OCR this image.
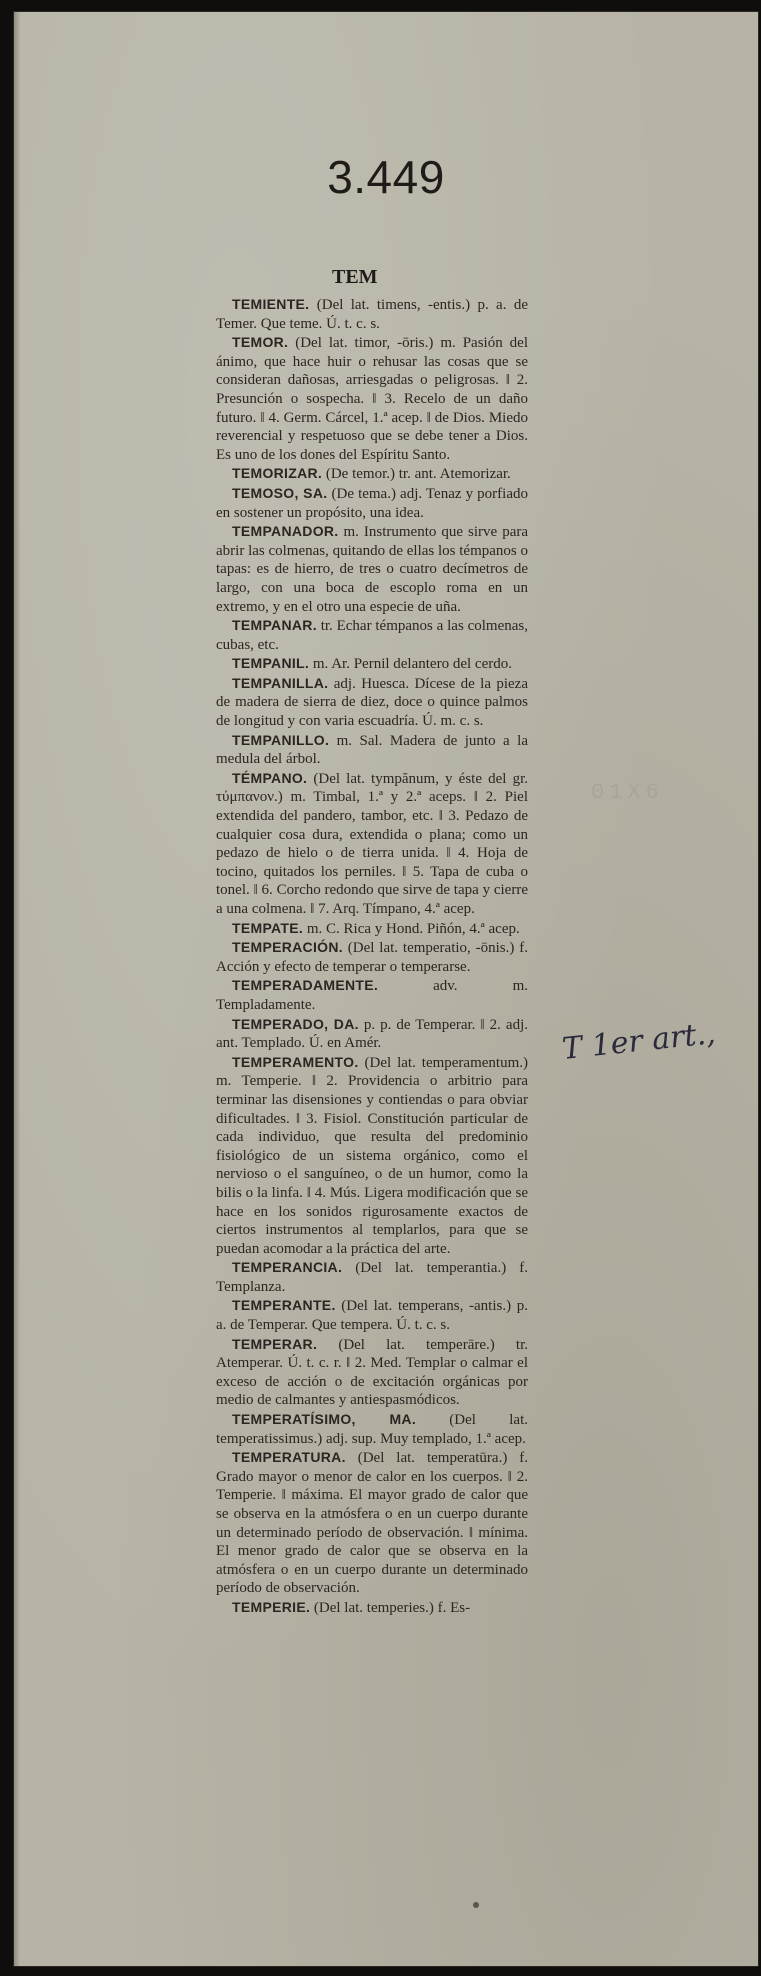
3.449
TEM
01X6

TEMIENTE. (Del lat. timens, -entis.) p. a. de Temer. Que teme. Ú. t. c. s.

TEMOR. (Del lat. timor, -ōris.) m. Pasión del ánimo, que hace huir o rehusar las cosas que se consideran dañosas, arriesgadas o peligrosas. ‖ 2. Presunción o sospecha. ‖ 3. Recelo de un daño futuro. ‖ 4. Germ. Cárcel, 1.ª acep. ‖ de Dios. Miedo reverencial y respetuoso que se debe tener a Dios. Es uno de los dones del Espíritu Santo.

TEMORIZAR. (De temor.) tr. ant. Atemorizar.

TEMOSO, SA. (De tema.) adj. Tenaz y porfiado en sostener un propósito, una idea.

TEMPANADOR. m. Instrumento que sirve para abrir las colmenas, quitando de ellas los témpanos o tapas: es de hierro, de tres o cuatro decímetros de largo, con una boca de escoplo roma en un extremo, y en el otro una especie de uña.

TEMPANAR. tr. Echar témpanos a las colmenas, cubas, etc.

TEMPANIL. m. Ar. Pernil delantero del cerdo.

TEMPANILLA. adj. Huesca. Dícese de la pieza de madera de sierra de diez, doce o quince palmos de longitud y con varia escuadría. Ú. m. c. s.

TEMPANILLO. m. Sal. Madera de junto a la medula del árbol.

TÉMPANO. (Del lat. tympănum, y éste del gr. τύμπανον.) m. Timbal, 1.ª y 2.ª aceps. ‖ 2. Piel extendida del pandero, tambor, etc. ‖ 3. Pedazo de cualquier cosa dura, extendida o plana; como un pedazo de hielo o de tierra unida. ‖ 4. Hoja de tocino, quitados los perniles. ‖ 5. Tapa de cuba o tonel. ‖ 6. Corcho redondo que sirve de tapa y cierre a una colmena. ‖ 7. Arq. Tímpano, 4.ª acep.

TEMPATE. m. C. Rica y Hond. Piñón, 4.ª acep.

TEMPERACIÓN. (Del lat. temperatio, -ōnis.) f. Acción y efecto de temperar o temperarse.

TEMPERADAMENTE. adv. m. Templadamente.

TEMPERADO, DA. p. p. de Temperar. ‖ 2. adj. ant. Templado. Ú. en Amér.

TEMPERAMENTO. (Del lat. temperamentum.) m. Temperie. ‖ 2. Providencia o arbitrio para terminar las disensiones y contiendas o para obviar dificultades. ‖ 3. Fisiol. Constitución particular de cada individuo, que resulta del predominio fisiológico de un sistema orgánico, como el nervioso o el sanguíneo, o de un humor, como la bilis o la linfa. ‖ 4. Mús. Ligera modificación que se hace en los sonidos rigurosamente exactos de ciertos instrumentos al templarlos, para que se puedan acomodar a la práctica del arte.

TEMPERANCIA. (Del lat. temperantia.) f. Templanza.

TEMPERANTE. (Del lat. temperans, -antis.) p. a. de Temperar. Que tempera. Ú. t. c. s.

TEMPERAR. (Del lat. temperāre.) tr. Atemperar. Ú. t. c. r. ‖ 2. Med. Templar o calmar el exceso de acción o de excitación orgánicas por medio de calmantes y antiespasmódicos.

TEMPERATÍSIMO, MA. (Del lat. temperatissimus.) adj. sup. Muy templado, 1.ª acep.

TEMPERATURA. (Del lat. temperatūra.) f. Grado mayor o menor de calor en los cuerpos. ‖ 2. Temperie. ‖ máxima. El mayor grado de calor que se observa en la atmósfera o en un cuerpo durante un determinado período de observación. ‖ mínima. El menor grado de calor que se observa en la atmósfera o en un cuerpo durante un determinado período de observación.

TEMPERIE. (Del lat. temperies.) f. Es-

T 1er art.,
